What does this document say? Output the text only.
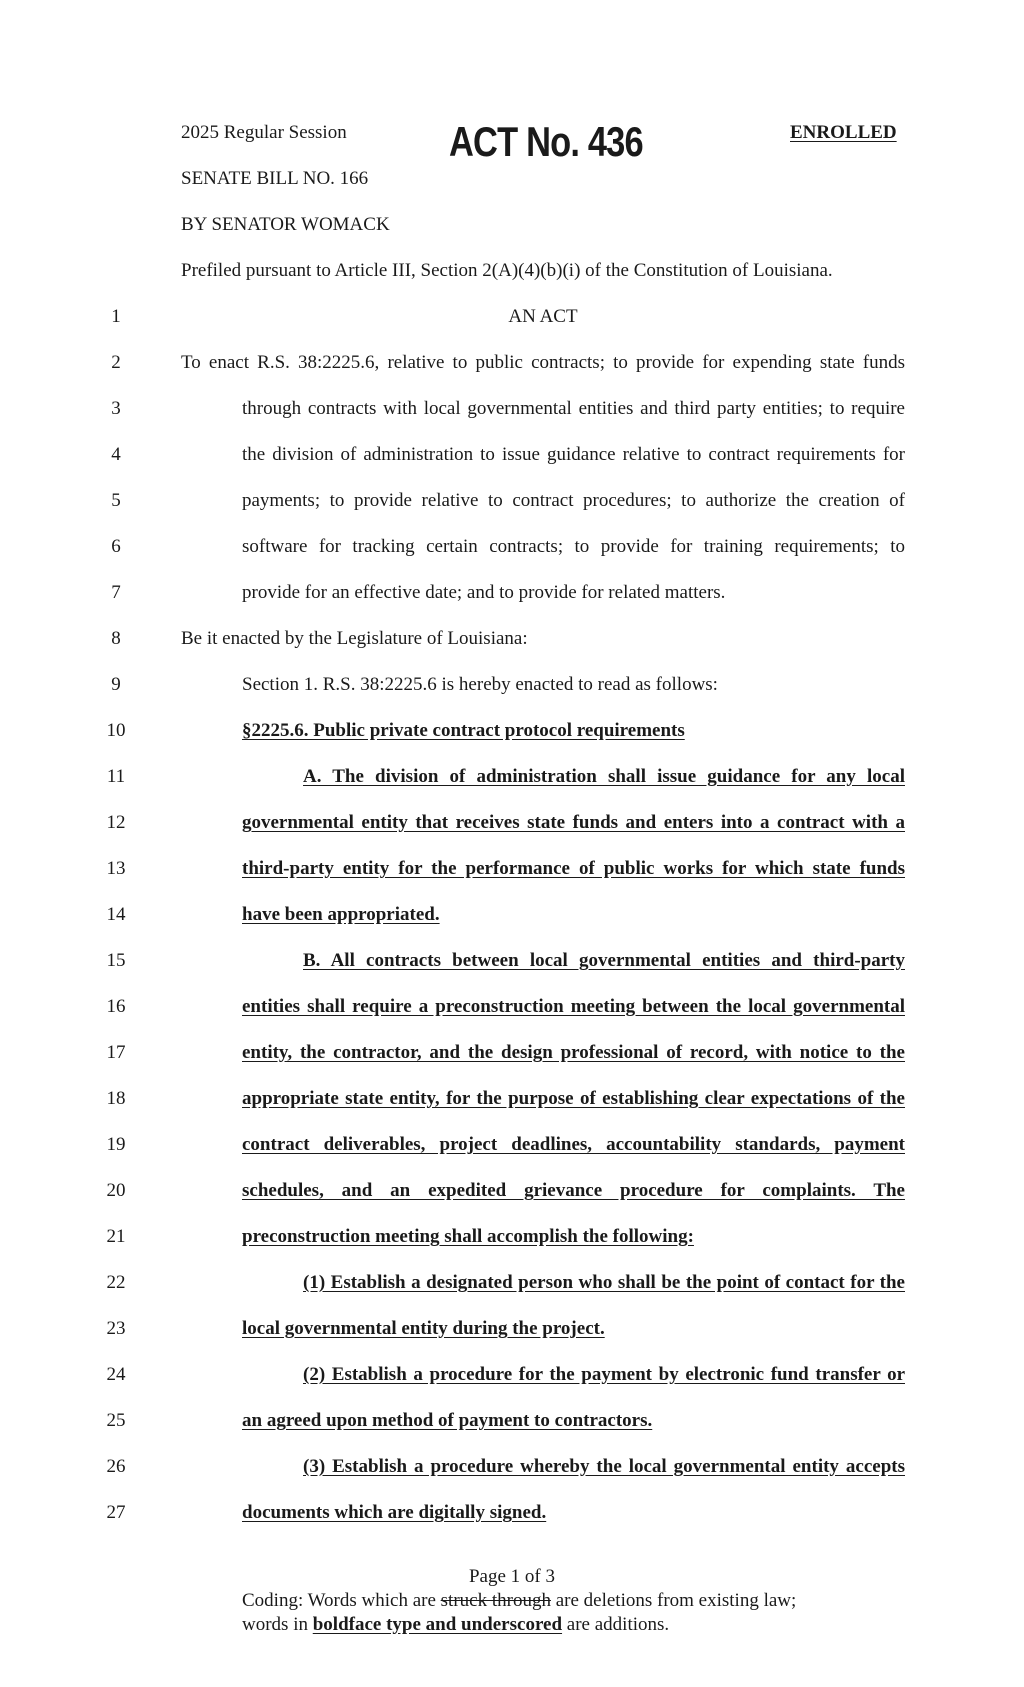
2025 Regular Session ACT No. 436	ENROLLED
SENATE BILL NO. 166
BY SENATOR WOMACK
Prefiled pursuant to Article III, Section 2(A)(4)(b)(i) of the Constitution of Louisiana.
1	AN ACT
2	To enact R.S. 38:2225.6, relative to public contracts; to provide for expending state funds
3	through contracts with local governmental entities and third party entities; to require
4	the division of administration to issue guidance relative to contract requirements for
5	payments; to provide relative to contract procedures; to authorize the creation of
6	software for tracking certain contracts; to provide for training requirements; to
7	provide for an effective date; and to provide for related matters.
8	Be it enacted by the Legislature of Louisiana:
9	Section 1. R.S. 38:2225.6 is hereby enacted to read as follows:
10	§2225.6. Public private contract protocol requirements
11	A. The division of administration shall issue guidance for any local
12	governmental entity that receives state funds and enters into a contract with a
13	third-party entity for the performance of public works for which state funds
14	have been appropriated.
15	B. All contracts between local governmental entities and third-party
16	entities shall require a preconstruction meeting between the local governmental
17	entity, the contractor, and the design professional of record, with notice to the
18	appropriate state entity, for the purpose of establishing clear expectations of the
19	contract deliverables, project deadlines, accountability standards, payment
20	schedules, and an expedited grievance procedure for complaints. The
21	preconstruction meeting shall accomplish the following:
22	(1) Establish a designated person who shall be the point of contact for the
23	local governmental entity during the project.
24	(2) Establish a procedure for the payment by electronic fund transfer or
25	an agreed upon method of payment to contractors.
26	(3) Establish a procedure whereby the local governmental entity accepts
27	documents which are digitally signed.
Page 1 of 3
Coding: Words which are struck through are deletions from existing law;
words in boldface type and underscored are additions.
